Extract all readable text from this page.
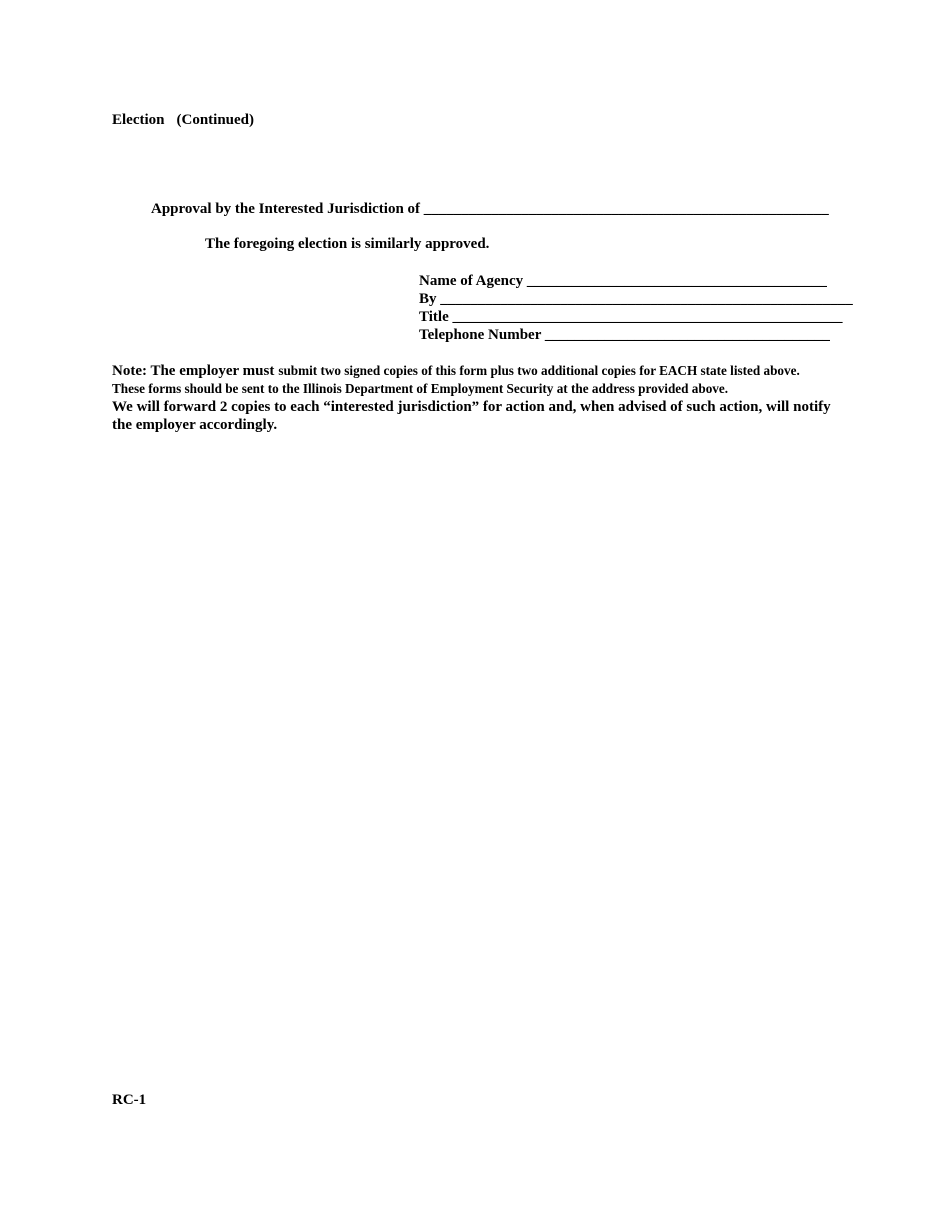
Election (Continued)
Approval by the Interested Jurisdiction of ______________________________________________________
The foregoing election is similarly approved.
Name of Agency ________________________________________
By _______________________________________________________
Title ____________________________________________________
Telephone Number ______________________________________
Note: The employer must submit two signed copies of this form plus two additional copies for EACH state listed above.
These forms should be sent to the Illinois Department of Employment Security at the address provided above.
We will forward 2 copies to each “interested jurisdiction” for action and, when advised of such action, will notify the employer accordingly.
RC-1
